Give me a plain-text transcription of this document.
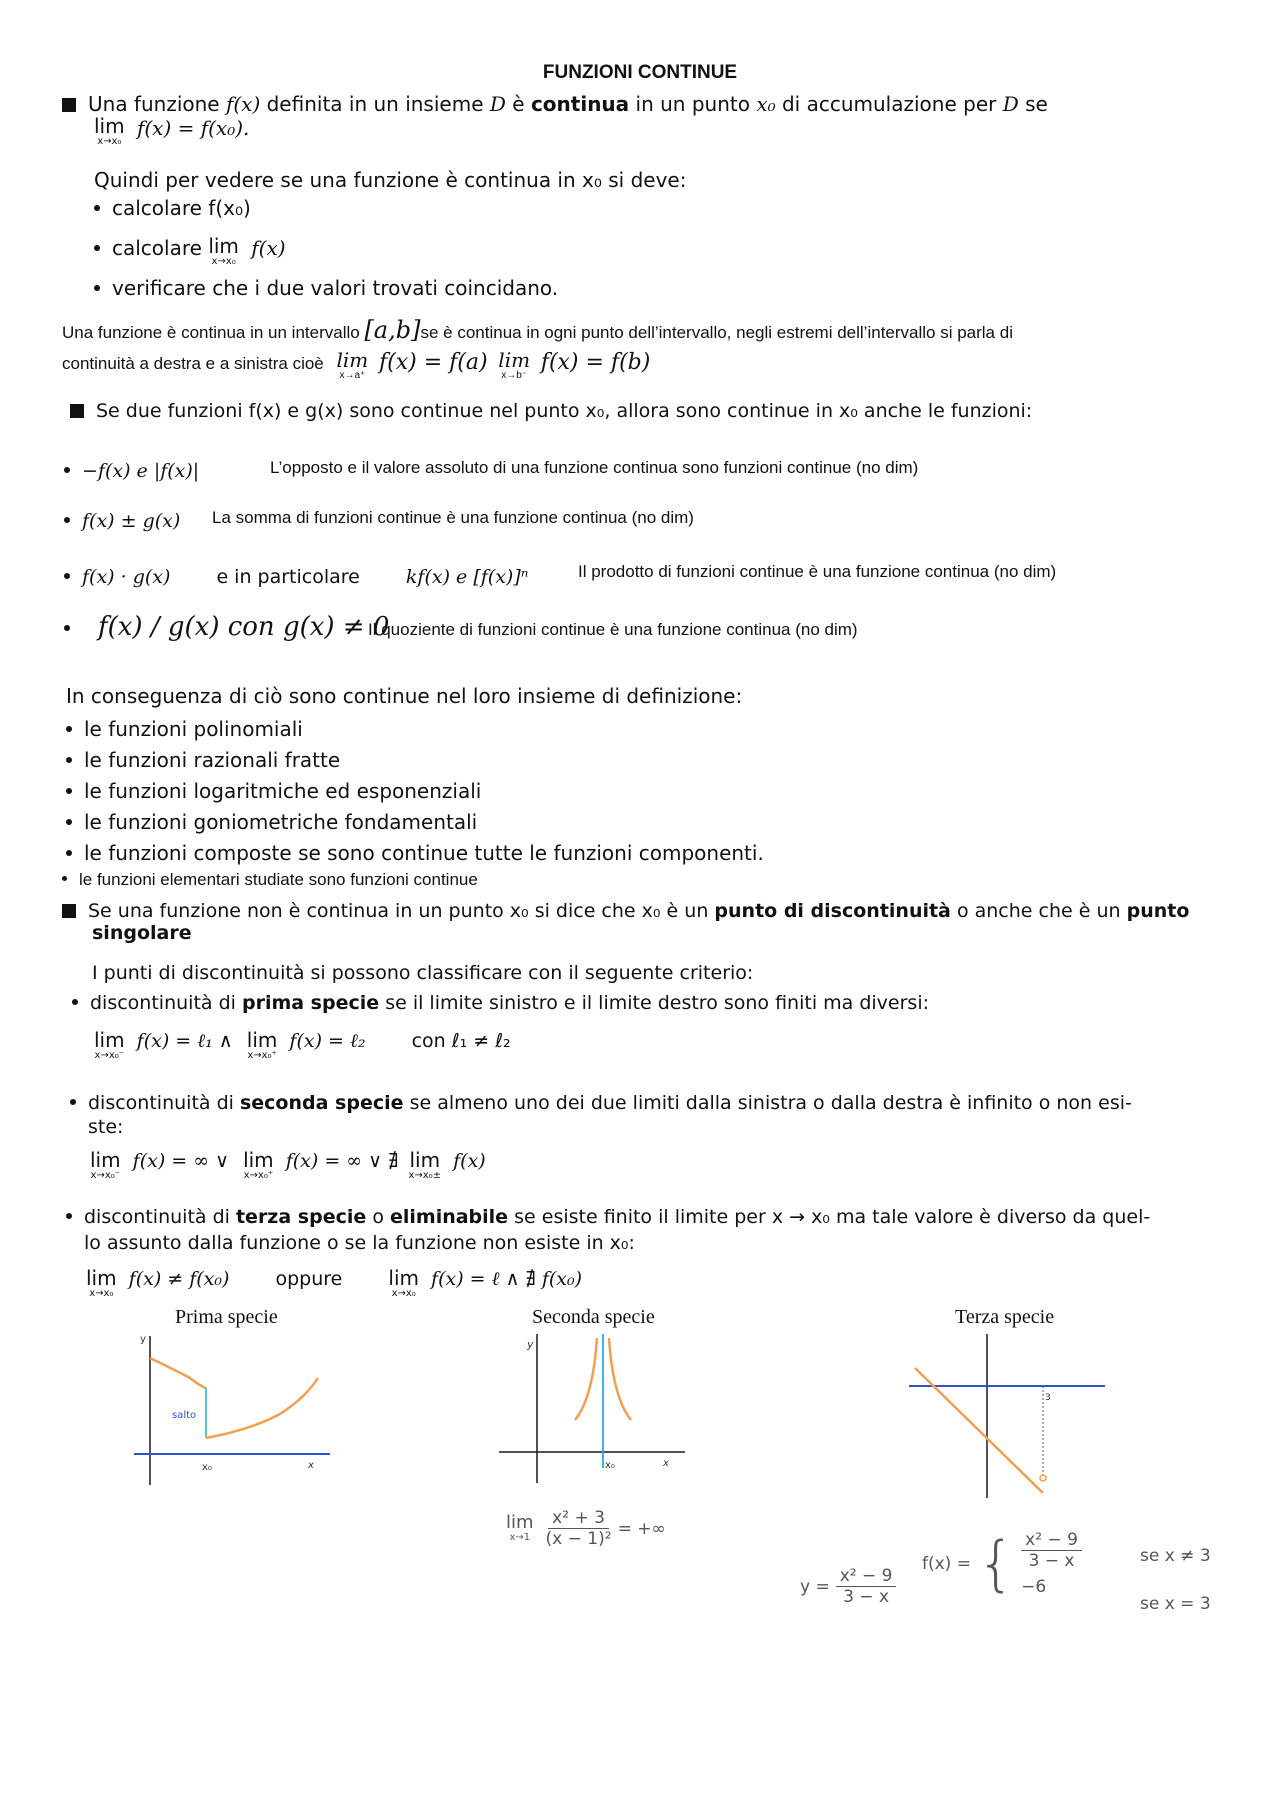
FUNZIONI CONTINUE
Una funzione f(x) definita in un insieme D è continua in un punto x₀ di accumulazione per D se
lim
x→x₀
f(x) = f(x₀).
Quindi per vedere se una funzione è continua in x₀ si deve:
calcolare f(x₀)
calcolare lim
x→x₀
f(x)
verificare che i due valori trovati coincidano.
Una funzione è continua in un intervallo [a,b]se è continua in ogni punto dell’intervallo, negli estremi dell’intervallo si parla di
continuità a destra e a sinistra cioè lim
x→a⁺
f(x) = f(a) lim
x→b⁻
f(x) = f(b)
Se due funzioni f(x) e g(x) sono continue nel punto x₀, allora sono continue in x₀ anche le funzioni:
−f(x) e |f(x)|	L’opposto e il valore assoluto di una funzione continua sono funzioni continue (no dim)
f(x) ± g(x) La somma di funzioni continue è una funzione continua (no dim)
f(x) · g(x) e in particolare kf(x) e [f(x)]ⁿ	Il prodotto di funzioni continue è una funzione continua (no dim)
f(x) / g(x) con g(x) ≠ 0
Il quoziente di funzioni continue è una funzione continua (no dim)
In conseguenza di ciò sono continue nel loro insieme di definizione:
le funzioni polinomiali
le funzioni razionali fratte
le funzioni logaritmiche ed esponenziali
le funzioni goniometriche fondamentali
le funzioni composte se sono continue tutte le funzioni componenti.
le funzioni elementari studiate sono funzioni continue
Se una funzione non è continua in un punto x₀ si dice che x₀ è un punto di discontinuità o anche che è un punto
singolare
I punti di discontinuità si possono classificare con il seguente criterio:
discontinuità di prima specie se il limite sinistro e il limite destro sono finiti ma diversi:
lim
x→x₀⁻
f(x) = ℓ₁ ∧ lim
x→x₀⁺
f(x) = ℓ₂ con ℓ₁ ≠ ℓ₂
discontinuità di seconda specie se almeno uno dei due limiti dalla sinistra o dalla destra è infinito o non esi-
ste:
lim
x→x₀⁻
f(x) = ∞ ∨ lim
x→x₀⁺
f(x) = ∞ ∨ ∄ lim
x→x₀±
f(x)
discontinuità di terza specie o eliminabile se esiste finito il limite per x → x₀ ma tale valore è diverso da quel-
lo assunto dalla funzione o se la funzione non esiste in x₀:
lim
x→x₀
f(x) ≠ f(x₀) oppure lim
x→x₀
f(x) = ℓ ∧ ∄ f(x₀)
Prima specie	Seconda specie	Terza specie
salto
y
x₀	x
y
x₀	x
lim
$x\to 1 \frac{\text{x² + 3}}{\text{(x − 1)²}}$ = +∞
3
$y = \frac{\text{x² − 9}}{3 - x}$
f(x) = { x² − 9
3 − x
−6
se x ≠ 3
se x = 3
